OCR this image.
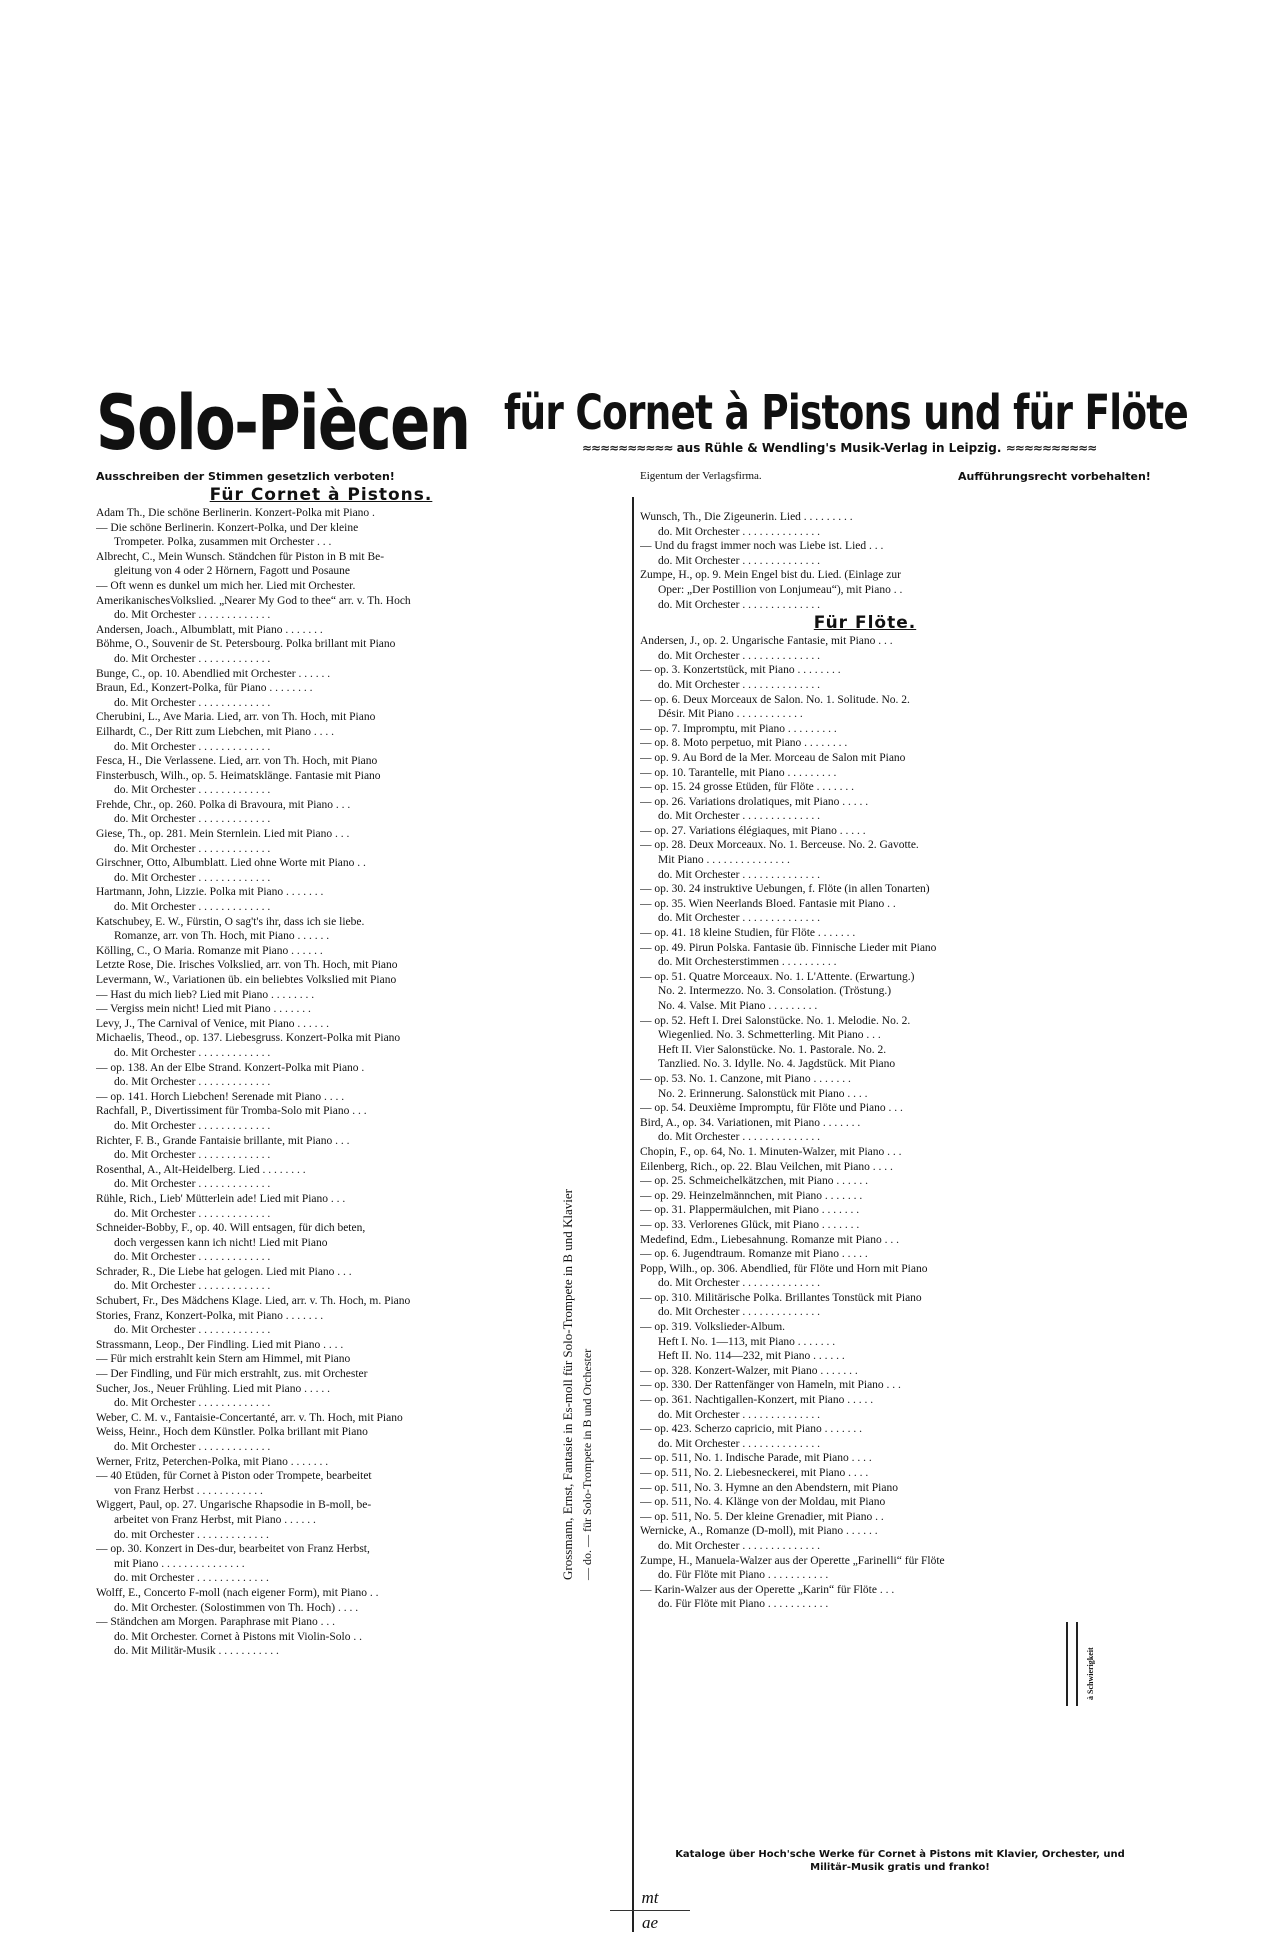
Solo-Piècen für Cornet à Pistons und für Flöte
≈≈≈≈≈≈≈≈≈≈ aus Rühle & Wendling's Musik-Verlag in Leipzig. ≈≈≈≈≈≈≈≈≈≈
Ausschreiben der Stimmen gesetzlich verboten!	Eigentum der Verlagsfirma.	Aufführungsrecht vorbehalten!
Für Cornet à Pistons.
Adam Th., Die schöne Berlinerin. Konzert-Polka mit Piano .
— Die schöne Berlinerin. Konzert-Polka, und Der kleine
Trompeter. Polka, zusammen mit Orchester . . .
Albrecht, C., Mein Wunsch. Ständchen für Piston in B mit Be-
gleitung von 4 oder 2 Hörnern, Fagott und Posaune
— Oft wenn es dunkel um mich her. Lied mit Orchester.
AmerikanischesVolkslied. „Nearer My God to thee“ arr. v. Th. Hoch
do. Mit Orchester . . . . . . . . . . . . .
Andersen, Joach., Albumblatt, mit Piano . . . . . . .
Böhme, O., Souvenir de St. Petersbourg. Polka brillant mit Piano
do. Mit Orchester . . . . . . . . . . . . .
Bunge, C., op. 10. Abendlied mit Orchester . . . . . .
Braun, Ed., Konzert-Polka, für Piano . . . . . . . .
do. Mit Orchester . . . . . . . . . . . . .
Cherubini, L., Ave Maria. Lied, arr. von Th. Hoch, mit Piano
Eilhardt, C., Der Ritt zum Liebchen, mit Piano . . . .
do. Mit Orchester . . . . . . . . . . . . .
Fesca, H., Die Verlassene. Lied, arr. von Th. Hoch, mit Piano
Finsterbusch, Wilh., op. 5. Heimatsklänge. Fantasie mit Piano
do. Mit Orchester . . . . . . . . . . . . .
Frehde, Chr., op. 260. Polka di Bravoura, mit Piano . . .
do. Mit Orchester . . . . . . . . . . . . .
Giese, Th., op. 281. Mein Sternlein. Lied mit Piano . . .
do. Mit Orchester . . . . . . . . . . . . .
Girschner, Otto, Albumblatt. Lied ohne Worte mit Piano . .
do. Mit Orchester . . . . . . . . . . . . .
Hartmann, John, Lizzie. Polka mit Piano . . . . . . .
do. Mit Orchester . . . . . . . . . . . . .
Katschubey, E. W., Fürstin, O sag't's ihr, dass ich sie liebe.
Romanze, arr. von Th. Hoch, mit Piano . . . . . .
Kölling, C., O Maria. Romanze mit Piano . . . . . .
Letzte Rose, Die. Irisches Volkslied, arr. von Th. Hoch, mit Piano
Levermann, W., Variationen üb. ein beliebtes Volkslied mit Piano
— Hast du mich lieb? Lied mit Piano . . . . . . . .
— Vergiss mein nicht! Lied mit Piano . . . . . . .
Levy, J., The Carnival of Venice, mit Piano . . . . . .
Michaelis, Theod., op. 137. Liebesgruss. Konzert-Polka mit Piano
do. Mit Orchester . . . . . . . . . . . . .
— op. 138. An der Elbe Strand. Konzert-Polka mit Piano .
do. Mit Orchester . . . . . . . . . . . . .
— op. 141. Horch Liebchen! Serenade mit Piano . . . .
Rachfall, P., Divertissiment für Tromba-Solo mit Piano . . .
do. Mit Orchester . . . . . . . . . . . . .
Richter, F. B., Grande Fantaisie brillante, mit Piano . . .
do. Mit Orchester . . . . . . . . . . . . .
Rosenthal, A., Alt-Heidelberg. Lied . . . . . . . .
do. Mit Orchester . . . . . . . . . . . . .
Rühle, Rich., Lieb' Mütterlein ade! Lied mit Piano . . .
do. Mit Orchester . . . . . . . . . . . . .
Schneider-Bobby, F., op. 40. Will entsagen, für dich beten,
doch vergessen kann ich nicht! Lied mit Piano
do. Mit Orchester . . . . . . . . . . . . .
Schrader, R., Die Liebe hat gelogen. Lied mit Piano . . .
do. Mit Orchester . . . . . . . . . . . . .
Schubert, Fr., Des Mädchens Klage. Lied, arr. v. Th. Hoch, m. Piano
Stories, Franz, Konzert-Polka, mit Piano . . . . . . .
do. Mit Orchester . . . . . . . . . . . . .
Strassmann, Leop., Der Findling. Lied mit Piano . . . .
— Für mich erstrahlt kein Stern am Himmel, mit Piano
— Der Findling, und Für mich erstrahlt, zus. mit Orchester
Sucher, Jos., Neuer Frühling. Lied mit Piano . . . . .
do. Mit Orchester . . . . . . . . . . . . .
Weber, C. M. v., Fantaisie-Concertanté, arr. v. Th. Hoch, mit Piano
Weiss, Heinr., Hoch dem Künstler. Polka brillant mit Piano
do. Mit Orchester . . . . . . . . . . . . .
Werner, Fritz, Peterchen-Polka, mit Piano . . . . . . .
— 40 Etüden, für Cornet à Piston oder Trompete, bearbeitet
von Franz Herbst . . . . . . . . . . . .
Wiggert, Paul, op. 27. Ungarische Rhapsodie in B-moll, be-
arbeitet von Franz Herbst, mit Piano . . . . . .
do. mit Orchester . . . . . . . . . . . . .
— op. 30. Konzert in Des-dur, bearbeitet von Franz Herbst,
mit Piano . . . . . . . . . . . . . . .
do. mit Orchester . . . . . . . . . . . . .
Wolff, E., Concerto F-moll (nach eigener Form), mit Piano . .
do. Mit Orchester. (Solostimmen von Th. Hoch) . . . .
— Ständchen am Morgen. Paraphrase mit Piano . . .
do. Mit Orchester. Cornet à Pistons mit Violin-Solo . .
do. Mit Militär-Musik . . . . . . . . . . .
Grossmann, Ernst, Fantasie in Es-moll für Solo-Trompete in B und Klavier — do. — für Solo-Trompete in B und Orchester
Wunsch, Th., Die Zigeunerin. Lied . . . . . . . . .
do. Mit Orchester . . . . . . . . . . . . . .
— Und du fragst immer noch was Liebe ist. Lied . . .
do. Mit Orchester . . . . . . . . . . . . . .
Zumpe, H., op. 9. Mein Engel bist du. Lied. (Einlage zur
Oper: „Der Postillion von Lonjumeau“), mit Piano . .
do. Mit Orchester . . . . . . . . . . . . . .
Für Flöte.
Andersen, J., op. 2. Ungarische Fantasie, mit Piano . . .
do. Mit Orchester . . . . . . . . . . . . . .
— op. 3. Konzertstück, mit Piano . . . . . . . .
do. Mit Orchester . . . . . . . . . . . . . .
— op. 6. Deux Morceaux de Salon. No. 1. Solitude. No. 2.
Désir. Mit Piano . . . . . . . . . . . .
— op. 7. Impromptu, mit Piano . . . . . . . . .
— op. 8. Moto perpetuo, mit Piano . . . . . . . .
— op. 9. Au Bord de la Mer. Morceau de Salon mit Piano
— op. 10. Tarantelle, mit Piano . . . . . . . . .
— op. 15. 24 grosse Etüden, für Flöte . . . . . . .
— op. 26. Variations drolatiques, mit Piano . . . . .
do. Mit Orchester . . . . . . . . . . . . . .
— op. 27. Variations élégiaques, mit Piano . . . . .
— op. 28. Deux Morceaux. No. 1. Berceuse. No. 2. Gavotte.
Mit Piano . . . . . . . . . . . . . . .
do. Mit Orchester . . . . . . . . . . . . . .
— op. 30. 24 instruktive Uebungen, f. Flöte (in allen Tonarten)
— op. 35. Wien Neerlands Bloed. Fantasie mit Piano . .
do. Mit Orchester . . . . . . . . . . . . . .
— op. 41. 18 kleine Studien, für Flöte . . . . . . .
— op. 49. Pirun Polska. Fantasie üb. Finnische Lieder mit Piano
do. Mit Orchesterstimmen . . . . . . . . . .
— op. 51. Quatre Morceaux. No. 1. L'Attente. (Erwartung.)
No. 2. Intermezzo. No. 3. Consolation. (Tröstung.)
No. 4. Valse. Mit Piano . . . . . . . . .
— op. 52. Heft I. Drei Salonstücke. No. 1. Melodie. No. 2.
Wiegenlied. No. 3. Schmetterling. Mit Piano . . .
Heft II. Vier Salonstücke. No. 1. Pastorale. No. 2.
Tanzlied. No. 3. Idylle. No. 4. Jagdstück. Mit Piano
— op. 53. No. 1. Canzone, mit Piano . . . . . . .
No. 2. Erinnerung. Salonstück mit Piano . . . .
— op. 54. Deuxième Impromptu, für Flöte und Piano . . .
Bird, A., op. 34. Variationen, mit Piano . . . . . . .
do. Mit Orchester . . . . . . . . . . . . . .
Chopin, F., op. 64, No. 1. Minuten-Walzer, mit Piano . . .
Eilenberg, Rich., op. 22. Blau Veilchen, mit Piano . . . .
— op. 25. Schmeichelkätzchen, mit Piano . . . . . .
— op. 29. Heinzelmännchen, mit Piano . . . . . . .
— op. 31. Plappermäulchen, mit Piano . . . . . . .
— op. 33. Verlorenes Glück, mit Piano . . . . . . .
Medefind, Edm., Liebesahnung. Romanze mit Piano . . .
— op. 6. Jugendtraum. Romanze mit Piano . . . . .
Popp, Wilh., op. 306. Abendlied, für Flöte und Horn mit Piano
do. Mit Orchester . . . . . . . . . . . . . .
— op. 310. Militärische Polka. Brillantes Tonstück mit Piano
do. Mit Orchester . . . . . . . . . . . . . .
— op. 319. Volkslieder-Album.
Heft I. No. 1—113, mit Piano . . . . . . .
Heft II. No. 114—232, mit Piano . . . . . .
— op. 328. Konzert-Walzer, mit Piano . . . . . . .
— op. 330. Der Rattenfänger von Hameln, mit Piano . . .
— op. 361. Nachtigallen-Konzert, mit Piano . . . . .
do. Mit Orchester . . . . . . . . . . . . . .
— op. 423. Scherzo capricio, mit Piano . . . . . . .
do. Mit Orchester . . . . . . . . . . . . . .
— op. 511, No. 1. Indische Parade, mit Piano . . . .
— op. 511, No. 2. Liebesneckerei, mit Piano . . . .
— op. 511, No. 3. Hymne an den Abendstern, mit Piano
— op. 511, No. 4. Klänge von der Moldau, mit Piano
— op. 511, No. 5. Der kleine Grenadier, mit Piano . .
Wernicke, A., Romanze (D-moll), mit Piano . . . . . .
do. Mit Orchester . . . . . . . . . . . . . .
Zumpe, H., Manuela-Walzer aus der Operette „Farinelli“ für Flöte
do. Für Flöte mit Piano . . . . . . . . . . .
— Karin-Walzer aus der Operette „Karin“ für Flöte . . .
do. Für Flöte mit Piano . . . . . . . . . . .
à Schwierigkeit
Kataloge über Hoch'sche Werke für Cornet à Pistons mit Klavier, Orchester, und
Militär-Musik gratis und franko!
mt
ae
